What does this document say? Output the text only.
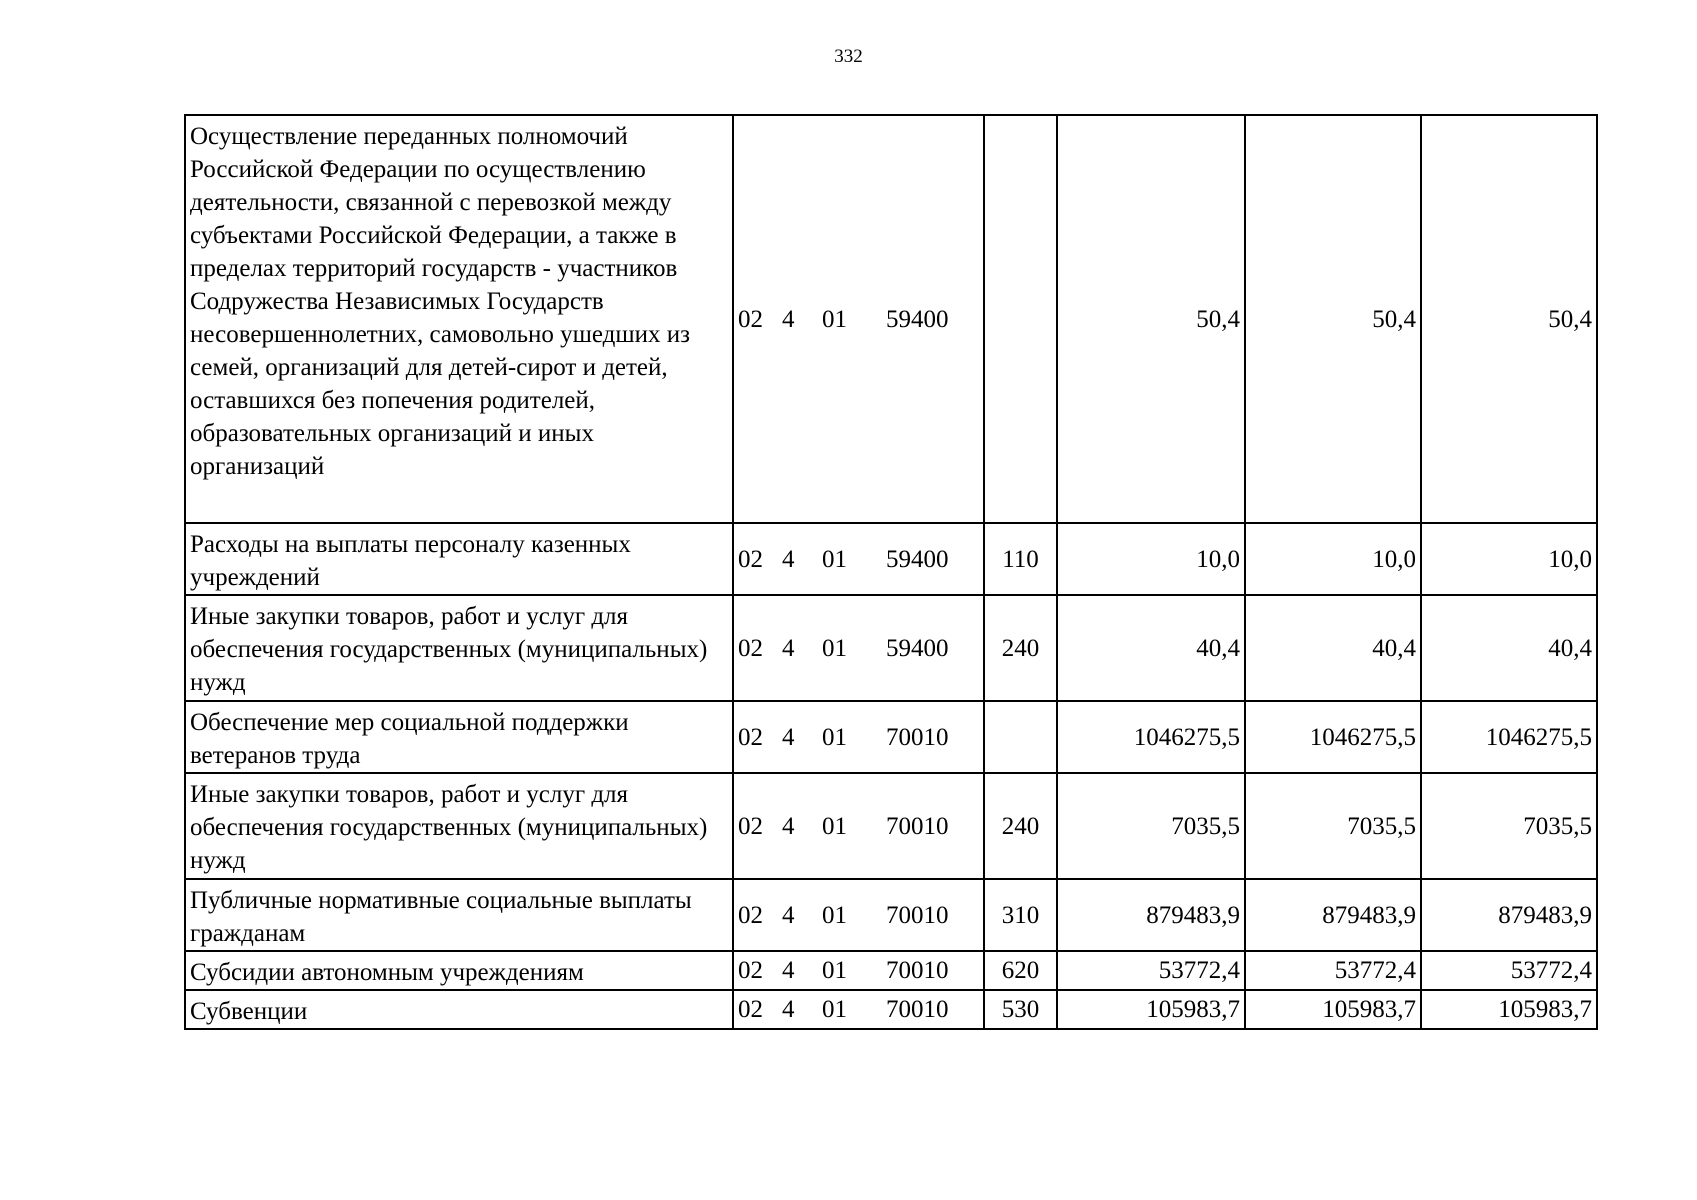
332
Осуществление переданных полномочий Российской Федерации по осуществлению деятельности, связанной с перевозкой между субъектами Российской Федерации, а также в пределах территорий государств - участников Содружества Независимых Государств несовершеннолетних, самовольно ушедших из семей, организаций для детей-сирот и детей, оставшихся без попечения родителей, образовательных организаций и иных организаций	02 4 01 59400		50,4	50,4	50,4
Расходы на выплаты персоналу казенных учреждений	02 4 01 59400	110	10,0	10,0	10,0
Иные закупки товаров, работ и услуг для обеспечения государственных (муниципальных) нужд	02 4 01 59400	240	40,4	40,4	40,4
Обеспечение мер социальной поддержки ветеранов труда	02 4 01 70010		1046275,5	1046275,5	1046275,5
Иные закупки товаров, работ и услуг для обеспечения государственных (муниципальных) нужд	02 4 01 70010	240	7035,5	7035,5	7035,5
Публичные нормативные социальные выплаты гражданам	02 4 01 70010	310	879483,9	879483,9	879483,9
Субсидии автономным учреждениям	02 4 01 70010	620	53772,4	53772,4	53772,4
Субвенции	02 4 01 70010	530	105983,7	105983,7	105983,7
